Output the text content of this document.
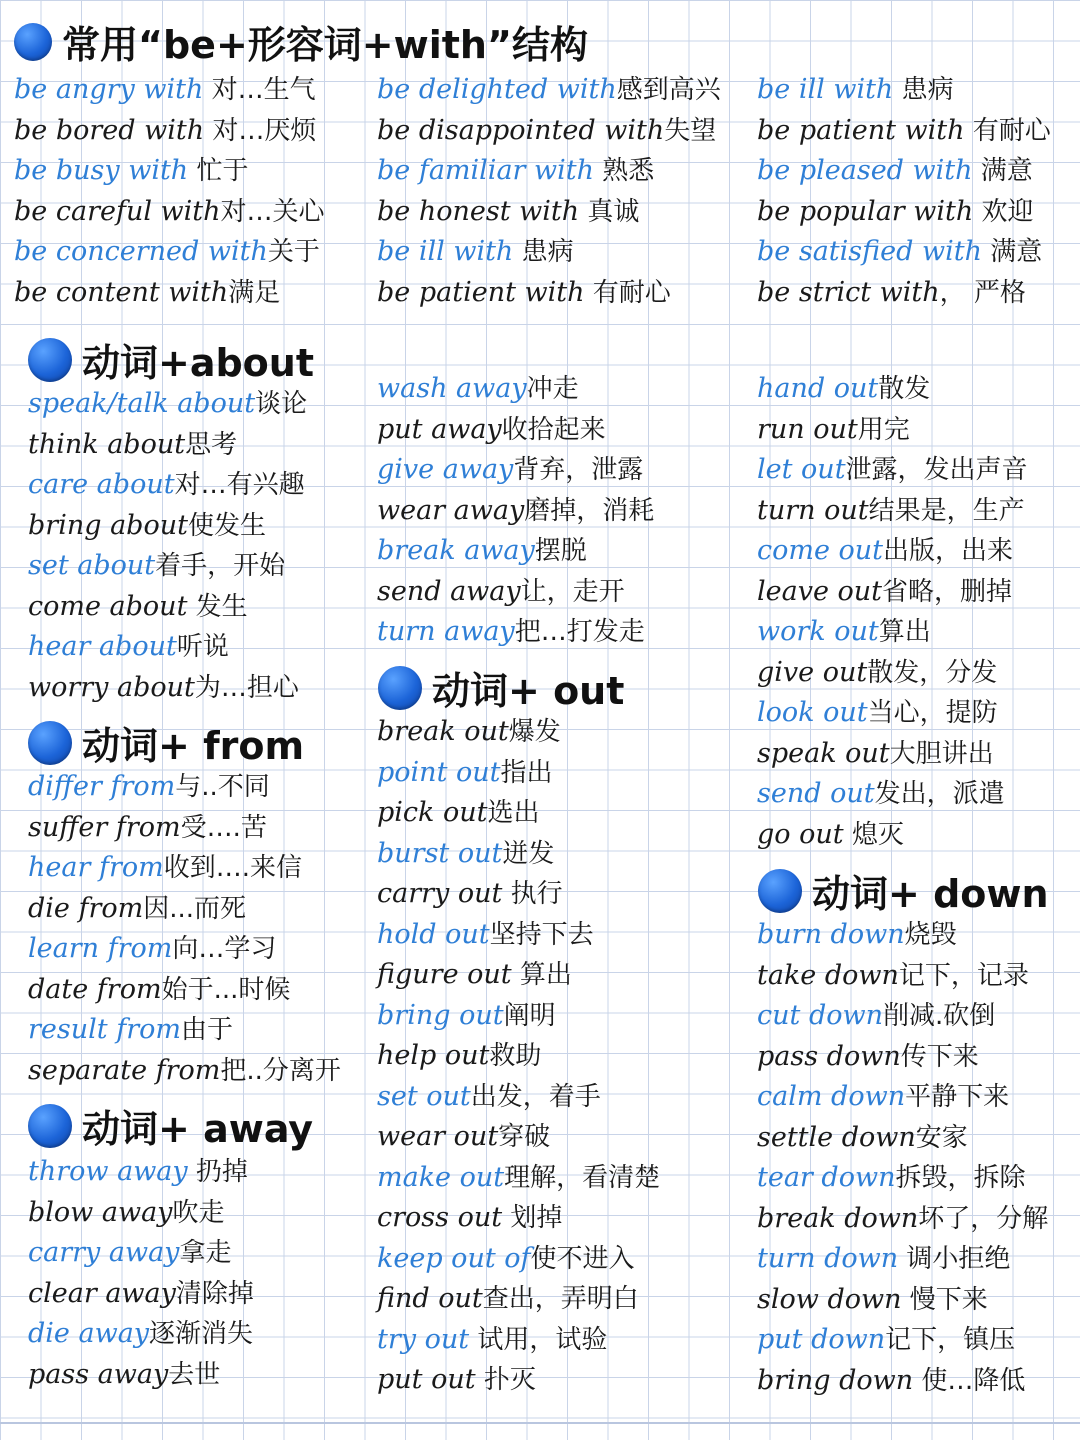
常用“be+形容词+with”结构
动词+about
动词+ from
动词+ away
动词+ out
动词+ down
be angry with 对…生气
be bored with 对…厌烦
be busy with 忙于
be careful with对…关心
be concerned with关于
be content with满足
be delighted with感到高兴
be disappointed with失望
be familiar with 熟悉
be honest with 真诚
be ill with 患病
be patient with 有耐心
be ill with 患病
be patient with 有耐心
be pleased with 满意
be popular with 欢迎
be satisfied with 满意
be strict with， 严格
speak/talk about谈论
think about思考
care about对…有兴趣
bring about使发生
set about着手，开始
come about 发生
hear about听说
worry about为…担心
differ from与..不同
suffer from受….苦
hear from收到….来信
die from因...而死
learn from向…学习
date from始于...时候
result from由于
separate from把..分离开
throw away 扔掉
blow away吹走
carry away拿走
clear away清除掉
die away逐渐消失
pass away去世
wash away冲走
put away收拾起来
give away背弃，泄露
wear away磨掉，消耗
break away摆脱
send away让，走开
turn away把…打发走
break out爆发
point out指出
pick out选出
burst out迸发
carry out 执行
hold out坚持下去
figure out 算出
bring out阐明
help out救助
set out出发，着手
wear out穿破
make out理解，看清楚
cross out 划掉
keep out of使不进入
find out查出，弄明白
try out 试用，试验
put out 扑灭
hand out散发
run out用完
let out泄露，发出声音
turn out结果是，生产
come out出版，出来
leave out省略，删掉
work out算出
give out散发，分发
look out当心，提防
speak out大胆讲出
send out发出，派遣
go out 熄灭
burn down烧毁
take down记下，记录
cut down削减.砍倒
pass down传下来
calm down平静下来
settle down安家
tear down拆毁，拆除
break down坏了，分解
turn down 调小拒绝
slow down 慢下来
put down记下，镇压
bring down 使…降低
